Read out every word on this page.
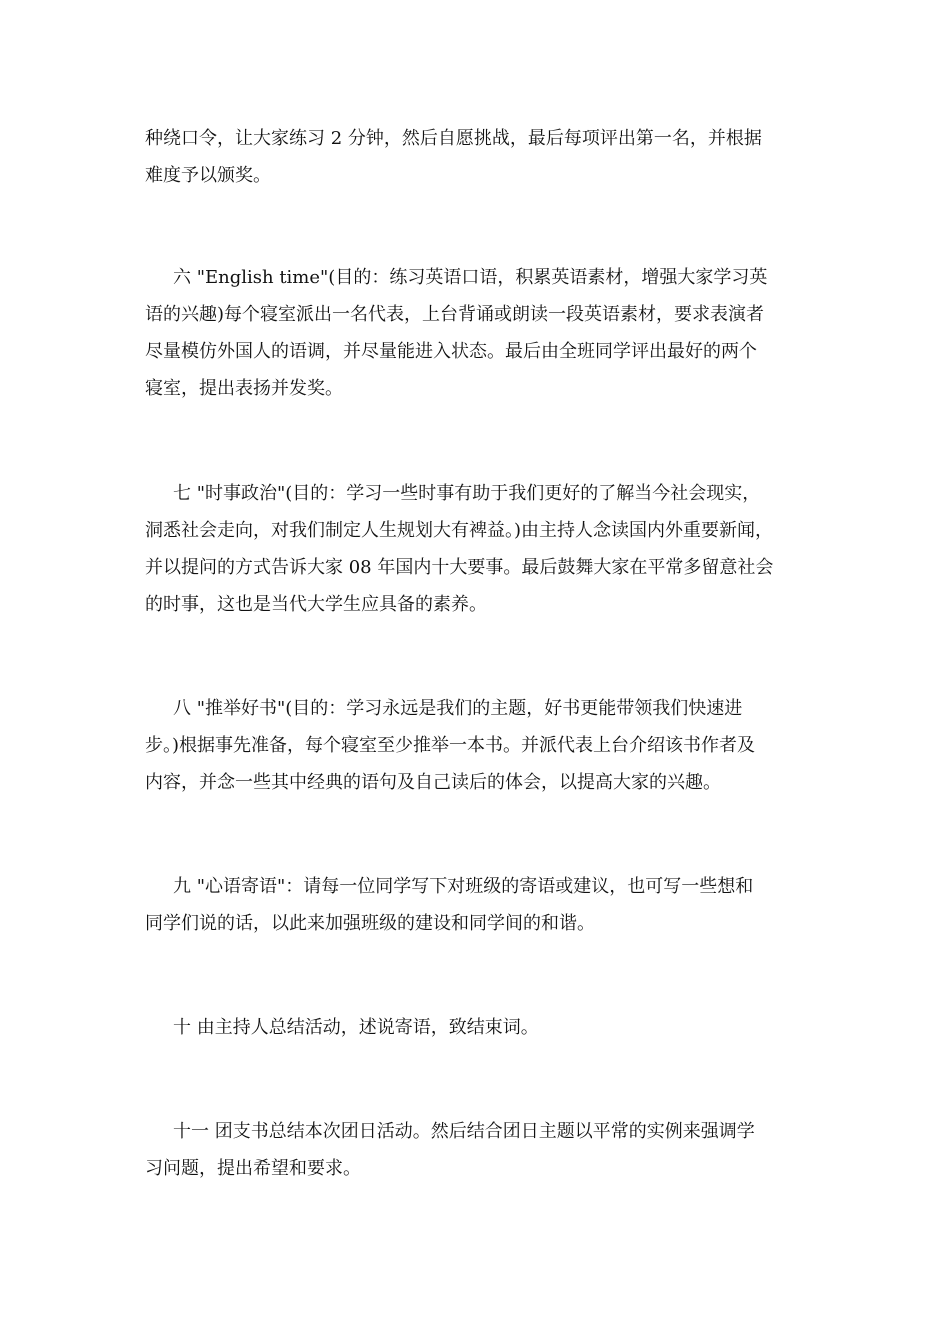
种绕口令，让大家练习 2 分钟，然后自愿挑战，最后每项评出第一名，并根据
难度予以颁奖。

六 "English time"(目的：练习英语口语，积累英语素材，增强大家学习英
语的兴趣)每个寝室派出一名代表，上台背诵或朗读一段英语素材，要求表演者
尽量模仿外国人的语调，并尽量能进入状态。最后由全班同学评出最好的两个
寝室，提出表扬并发奖。

七 "时事政治"(目的：学习一些时事有助于我们更好的了解当今社会现实，
洞悉社会走向，对我们制定人生规划大有裨益。)由主持人念读国内外重要新闻，
并以提问的方式告诉大家 08 年国内十大要事。最后鼓舞大家在平常多留意社会
的时事，这也是当代大学生应具备的素养。

八 "推举好书"(目的：学习永远是我们的主题，好书更能带领我们快速进
步。)根据事先准备，每个寝室至少推举一本书。并派代表上台介绍该书作者及
内容，并念一些其中经典的语句及自己读后的体会，以提高大家的兴趣。

九 "心语寄语"：请每一位同学写下对班级的寄语或建议，也可写一些想和
同学们说的话，以此来加强班级的建设和同学间的和谐。

十 由主持人总结活动，述说寄语，致结束词。

十一 团支书总结本次团日活动。然后结合团日主题以平常的实例来强调学
习问题，提出希望和要求。
